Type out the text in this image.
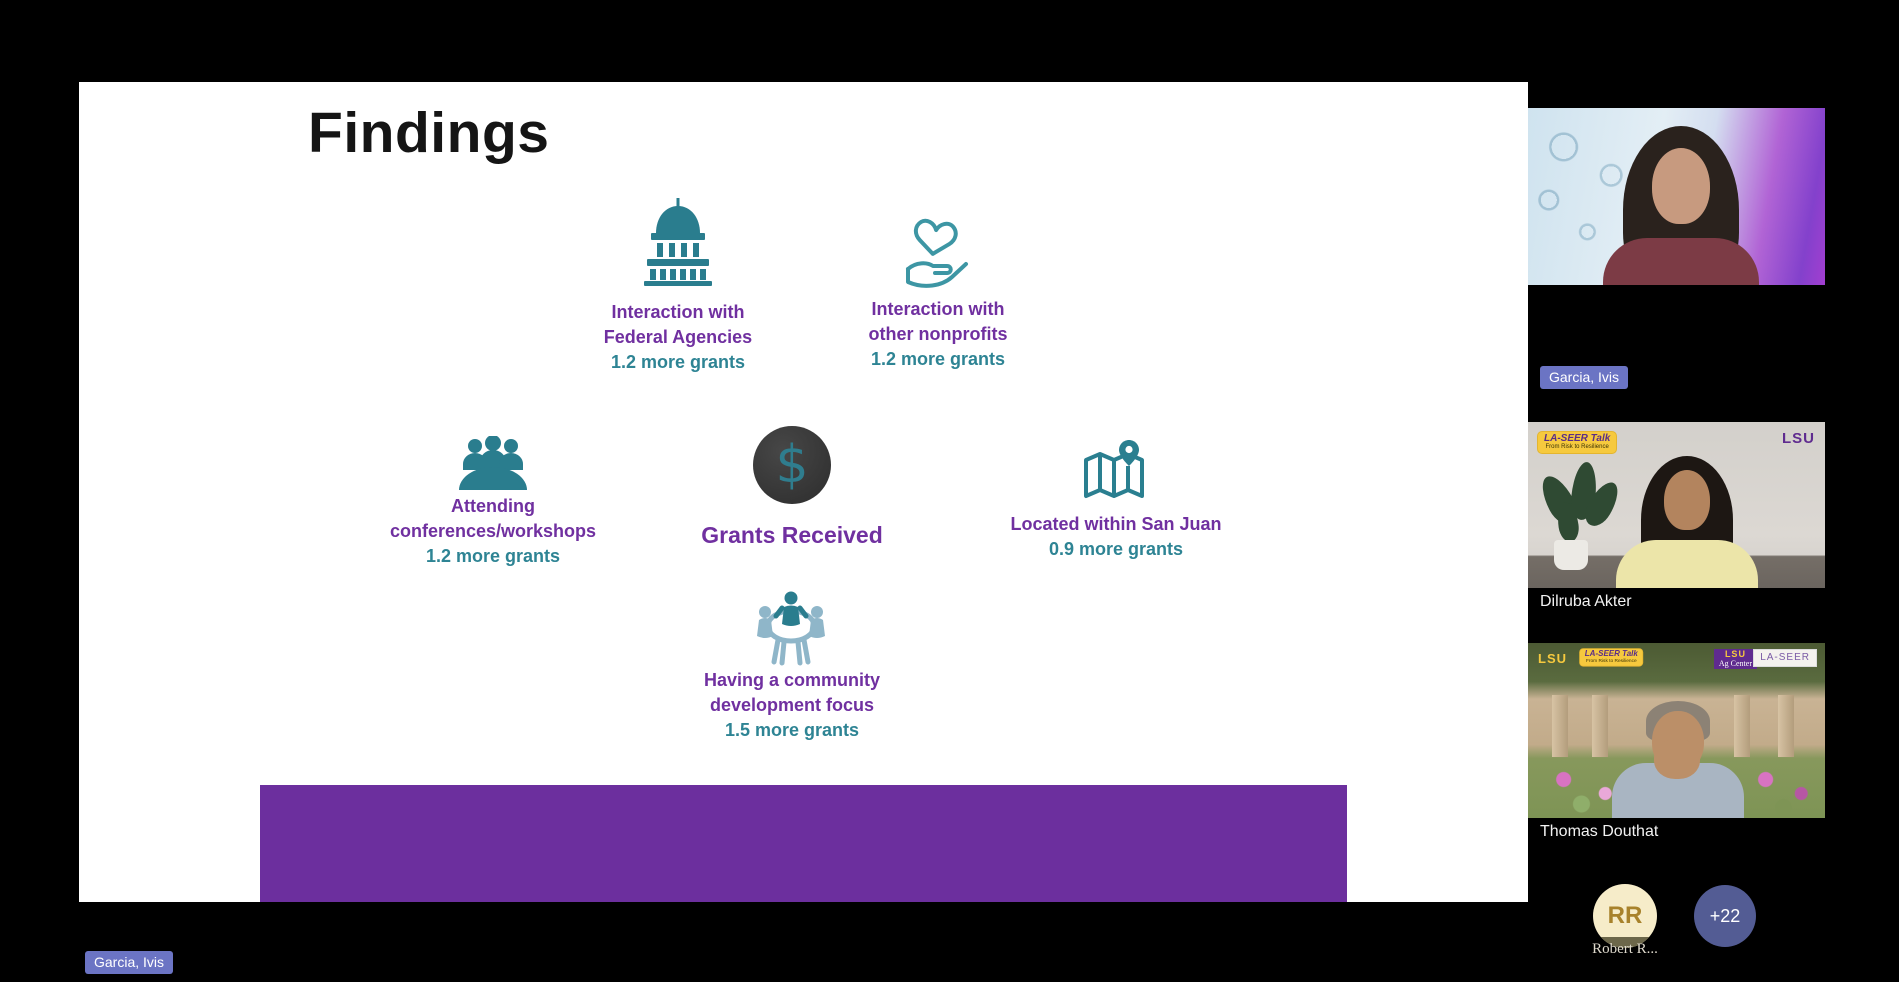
Findings
Interaction with
Federal Agencies
1.2 more grants
Interaction with
other nonprofits
1.2 more grants
Attending
conferences/workshops
1.2 more grants
$
Grants Received	Located within San Juan
0.9 more grants
Having a community
development focus
1.5 more grants
Garcia, Ivis
Garcia, Ivis
LA-SEER Talk
From Risk to Resilience	LSU
Dilruba Akter
LSU LA-SEER Talk
From Risk to Resilience
LSU
Ag Center
LA-SEER
Thomas Douthat
RR
Robert R...
+22
